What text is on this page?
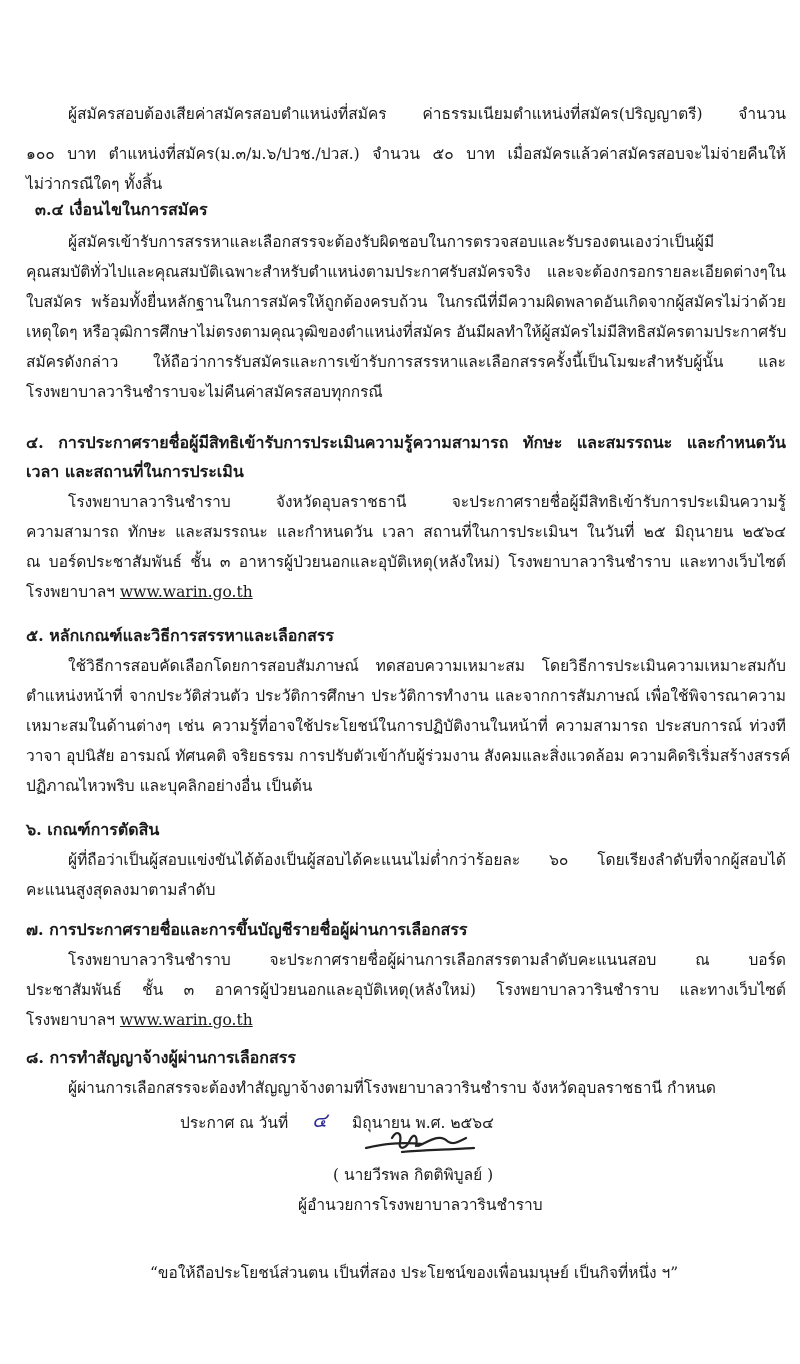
ผู้สมัครสอบต้องเสียค่าสมัครสอบตำแหน่งที่สมัคร ค่าธรรมเนียมตำแหน่งที่สมัคร(ปริญญาตรี) จำนวน
๑๐๐ บาท ตำแหน่งที่สมัคร(ม.๓/ม.๖/ปวช./ปวส.) จำนวน ๕๐ บาท เมื่อสมัครแล้วค่าสมัครสอบจะไม่จ่ายคืนให้
ไม่ว่ากรณีใดๆ ทั้งสิ้น
๓.๔ เงื่อนไขในการสมัคร
ผู้สมัครเข้ารับการสรรหาและเลือกสรรจะต้องรับผิดชอบในการตรวจสอบและรับรองตนเองว่าเป็นผู้มี
คุณสมบัติทั่วไปและคุณสมบัติเฉพาะสำหรับตำแหน่งตามประกาศรับสมัครจริง และจะต้องกรอกรายละเอียดต่างๆใน
ใบสมัคร พร้อมทั้งยื่นหลักฐานในการสมัครให้ถูกต้องครบถ้วน ในกรณีที่มีความผิดพลาดอันเกิดจากผู้สมัครไม่ว่าด้วย
เหตุใดๆ หรือวุฒิการศึกษาไม่ตรงตามคุณวุฒิของตำแหน่งที่สมัคร อันมีผลทำให้ผู้สมัครไม่มีสิทธิสมัครตามประกาศรับ
สมัครดังกล่าว ให้ถือว่าการรับสมัครและการเข้ารับการสรรหาและเลือกสรรครั้งนี้เป็นโมฆะสำหรับผู้นั้น และ
โรงพยาบาลวารินชำราบจะไม่คืนค่าสมัครสอบทุกกรณี
๔. การประกาศรายชื่อผู้มีสิทธิเข้ารับการประเมินความรู้ความสามารถ ทักษะ และสมรรถนะ และกำหนดวัน
เวลา และสถานที่ในการประเมิน
โรงพยาบาลวารินชำราบ จังหวัดอุบลราชธานี จะประกาศรายชื่อผู้มีสิทธิเข้ารับการประเมินความรู้
ความสามารถ ทักษะ และสมรรถนะ และกำหนดวัน เวลา สถานที่ในการประเมินฯ ในวันที่ ๒๕ มิถุนายน ๒๕๖๔
ณ บอร์ดประชาสัมพันธ์ ชั้น ๓ อาหารผู้ป่วยนอกและอุบัติเหตุ(หลังใหม่) โรงพยาบาลวารินชำราบ และทางเว็บไซต์
โรงพยาบาลฯ www.warin.go.th
๕. หลักเกณฑ์และวิธีการสรรหาและเลือกสรร
ใช้วิธีการสอบคัดเลือกโดยการสอบสัมภาษณ์ ทดสอบความเหมาะสม โดยวิธีการประเมินความเหมาะสมกับ
ตำแหน่งหน้าที่ จากประวัติส่วนตัว ประวัติการศึกษา ประวัติการทำงาน และจากการสัมภาษณ์ เพื่อใช้พิจารณาความ
เหมาะสมในด้านต่างๆ เช่น ความรู้ที่อาจใช้ประโยชน์ในการปฏิบัติงานในหน้าที่ ความสามารถ ประสบการณ์ ท่วงที
วาจา อุปนิสัย อารมณ์ ทัศนคติ จริยธรรม การปรับตัวเข้ากับผู้ร่วมงาน สังคมและสิ่งแวดล้อม ความคิดริเริ่มสร้างสรรค์
ปฏิภาณไหวพริบ และบุคลิกอย่างอื่น เป็นต้น
๖. เกณฑ์การตัดสิน
ผู้ที่ถือว่าเป็นผู้สอบแข่งขันได้ต้องเป็นผู้สอบได้คะแนนไม่ต่ำกว่าร้อยละ ๖๐ โดยเรียงลำดับที่จากผู้สอบได้
คะแนนสูงสุดลงมาตามลำดับ
๗. การประกาศรายชื่อและการขึ้นบัญชีรายชื่อผู้ผ่านการเลือกสรร
โรงพยาบาลวารินชำราบ จะประกาศรายชื่อผู้ผ่านการเลือกสรรตามลำดับคะแนนสอบ ณ บอร์ด
ประชาสัมพันธ์ ชั้น ๓ อาคารผู้ป่วยนอกและอุบัติเหตุ(หลังใหม่) โรงพยาบาลวารินชำราบ และทางเว็บไซต์
โรงพยาบาลฯ www.warin.go.th
๘. การทำสัญญาจ้างผู้ผ่านการเลือกสรร
ผู้ผ่านการเลือกสรรจะต้องทำสัญญาจ้างตามที่โรงพยาบาลวารินชำราบ จังหวัดอุบลราชธานี กำหนด
ประกาศ ณ วันที่ ๔ มิถุนายน พ.ศ. ๒๕๖๔
( นายวีรพล กิตติพิบูลย์ )
ผู้อำนวยการโรงพยาบาลวารินชำราบ
“ขอให้ถือประโยชน์ส่วนตน เป็นที่สอง ประโยชน์ของเพื่อนมนุษย์ เป็นกิจที่หนึ่ง ฯ”
